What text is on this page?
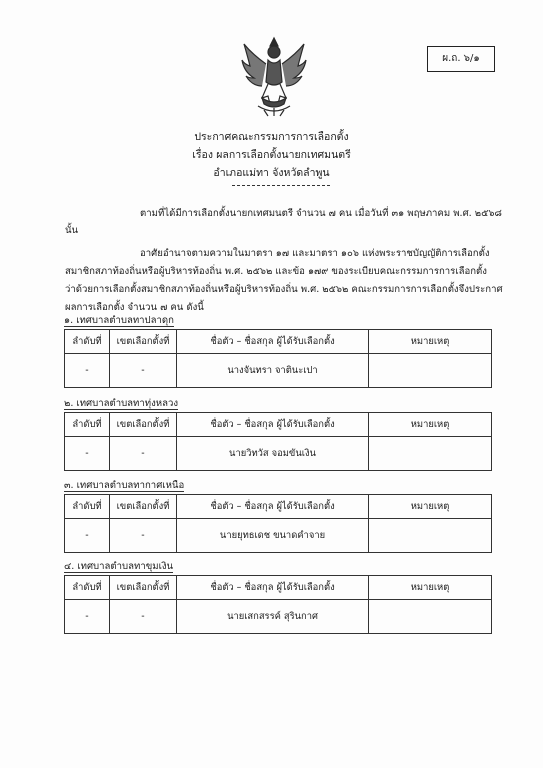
ผ.ถ. ๖/๑
ประกาศคณะกรรมการการเลือกตั้ง
เรื่อง ผลการเลือกตั้งนายกเทศมนตรี
อำเภอแม่ทา จังหวัดลำพูน
ตามที่ได้มีการเลือกตั้งนายกเทศมนตรี จำนวน ๗ คน เมื่อวันที่ ๓๑ พฤษภาคม พ.ศ. ๒๕๖๘
นั้น
อาศัยอำนาจตามความในมาตรา ๑๗ และมาตรา ๑๐๖ แห่งพระราชบัญญัติการเลือกตั้ง
สมาชิกสภาท้องถิ่นหรือผู้บริหารท้องถิ่น พ.ศ. ๒๕๖๒ และข้อ ๑๗๙ ของระเบียบคณะกรรมการการเลือกตั้ง
ว่าด้วยการเลือกตั้งสมาชิกสภาท้องถิ่นหรือผู้บริหารท้องถิ่น พ.ศ. ๒๕๖๒ คณะกรรมการการเลือกตั้งจึงประกาศ
ผลการเลือกตั้ง จำนวน ๗ คน ดังนี้
๑. เทศบาลตำบลทาปลาดุก
ลำดับที่	เขตเลือกตั้งที่	ชื่อตัว – ชื่อสกุล ผู้ได้รับเลือกตั้ง	หมายเหตุ
-	-	นางจันทรา จาตินะเปา	
๒. เทศบาลตำบลทาทุ่งหลวง
ลำดับที่	เขตเลือกตั้งที่	ชื่อตัว – ชื่อสกุล ผู้ได้รับเลือกตั้ง	หมายเหตุ
-	-	นายวิทวัส จอมขันเงิน	
๓. เทศบาลตำบลทากาศเหนือ
ลำดับที่	เขตเลือกตั้งที่	ชื่อตัว – ชื่อสกุล ผู้ได้รับเลือกตั้ง	หมายเหตุ
-	-	นายยุทธเดช ขนาดคำจาย	
๔. เทศบาลตำบลทาขุมเงิน
ลำดับที่	เขตเลือกตั้งที่	ชื่อตัว – ชื่อสกุล ผู้ได้รับเลือกตั้ง	หมายเหตุ
-	-	นายเสกสรรค์ สุรินกาศ	
